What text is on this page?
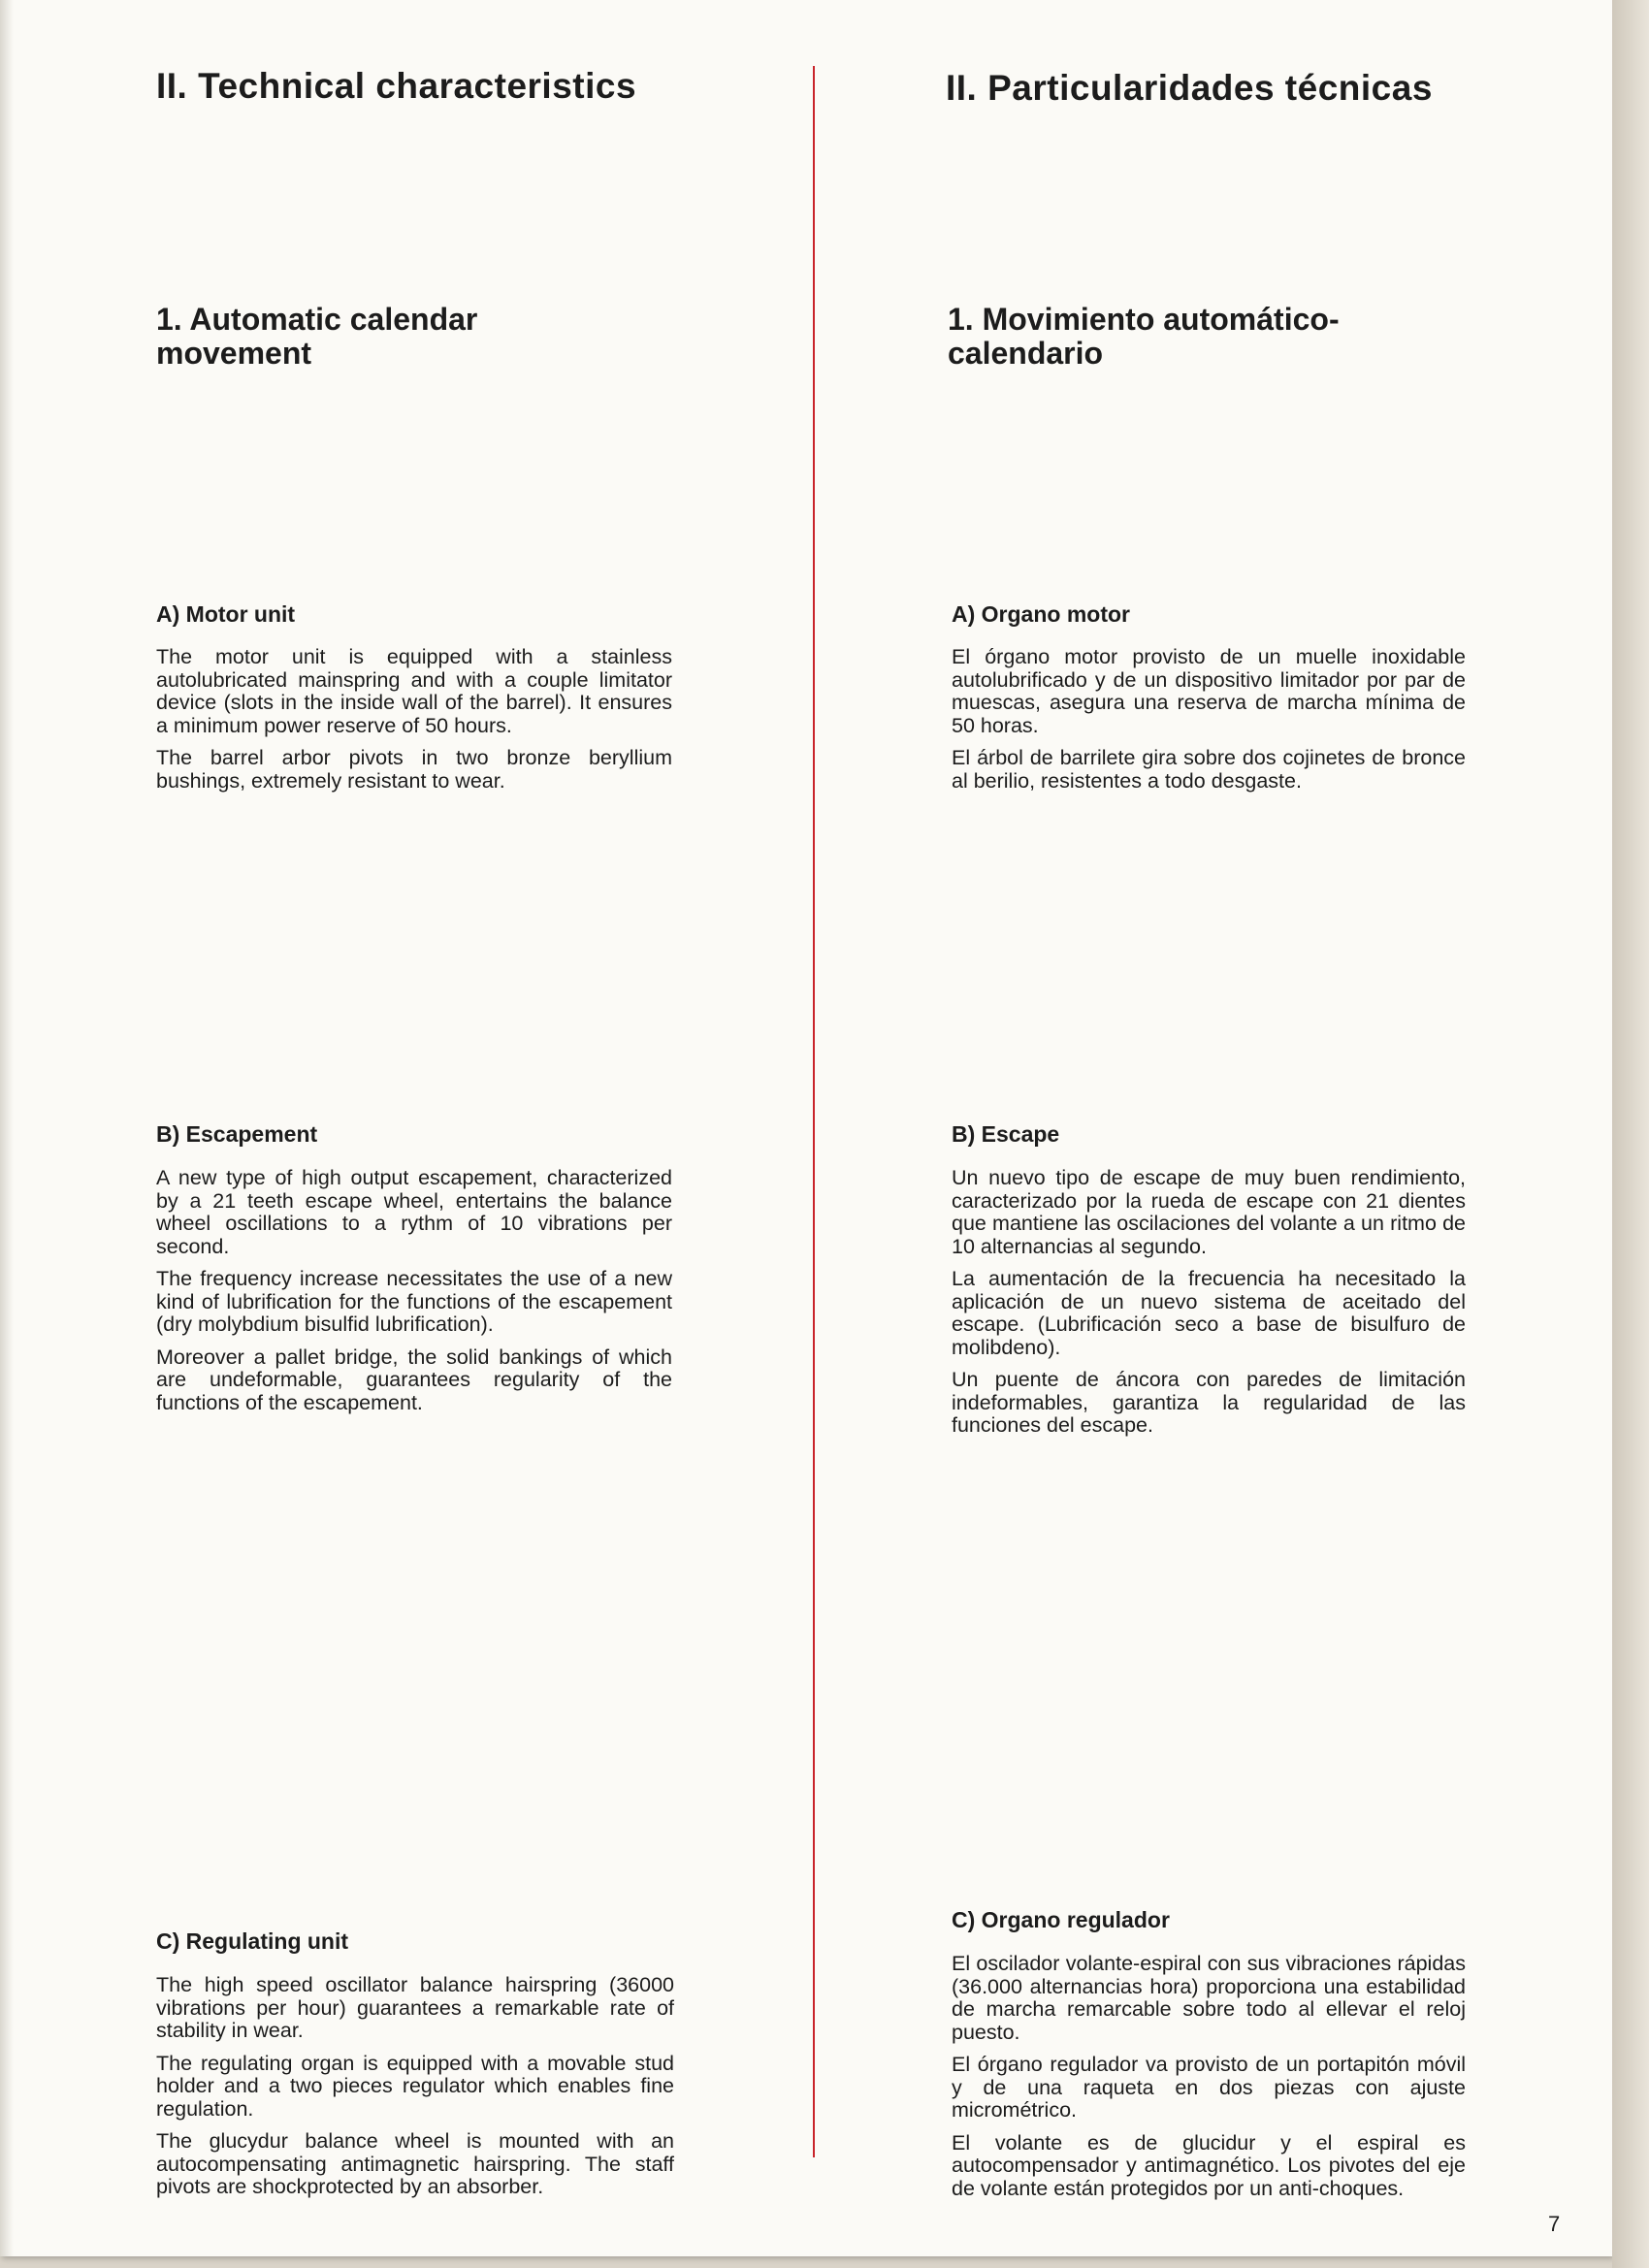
II. Technical characteristics
1. Automatic calendar movement
A) Motor unit

The motor unit is equipped with a stainless autolubricated mainspring and with a couple limitator device (slots in the inside wall of the barrel). It ensures a minimum power reserve of 50 hours.

The barrel arbor pivots in two bronze beryllium bushings, extremely resistant to wear.

B) Escapement

A new type of high output escapement, characterized by a 21 teeth escape wheel, entertains the balance wheel oscillations to a rythm of 10 vibrations per second.

The frequency increase necessitates the use of a new kind of lubrification for the functions of the escapement (dry molybdium bisulfid lubrification).

Moreover a pallet bridge, the solid bankings of which are undeformable, guarantees regularity of the functions of the escapement.

C) Regulating unit

The high speed oscillator balance hairspring (36000 vibrations per hour) guarantees a remarkable rate of stability in wear.

The regulating organ is equipped with a movable stud holder and a two pieces regulator which enables fine regulation.

The glucydur balance wheel is mounted with an autocompensating antimagnetic hairspring. The staff pivots are shockprotected by an absorber.

II. Particularidades técnicas
1. Movimiento automático-calendario
A) Organo motor

El órgano motor provisto de un muelle inoxidable autolubrificado y de un dispositivo limitador por par de muescas, asegura una reserva de marcha mínima de 50 horas.

El árbol de barrilete gira sobre dos cojinetes de bronce al berilio, resistentes a todo desgaste.

B) Escape

Un nuevo tipo de escape de muy buen rendimiento, caracterizado por la rueda de escape con 21 dientes que mantiene las oscilaciones del volante a un ritmo de 10 alternancias al segundo.

La aumentación de la frecuencia ha necesitado la aplicación de un nuevo sistema de aceitado del escape. (Lubrificación seco a base de bisulfuro de molibdeno).

Un puente de áncora con paredes de limitación indeformables, garantiza la regularidad de las funciones del escape.

C) Organo regulador

El oscilador volante-espiral con sus vibraciones rápidas (36.000 alternancias hora) proporciona una estabilidad de marcha remarcable sobre todo al ellevar el reloj puesto.

El órgano regulador va provisto de un portapitón móvil y de una raqueta en dos piezas con ajuste micrométrico.

El volante es de glucidur y el espiral es autocompensador y antimagnético. Los pivotes del eje de volante están protegidos por un anti-choques.

7
